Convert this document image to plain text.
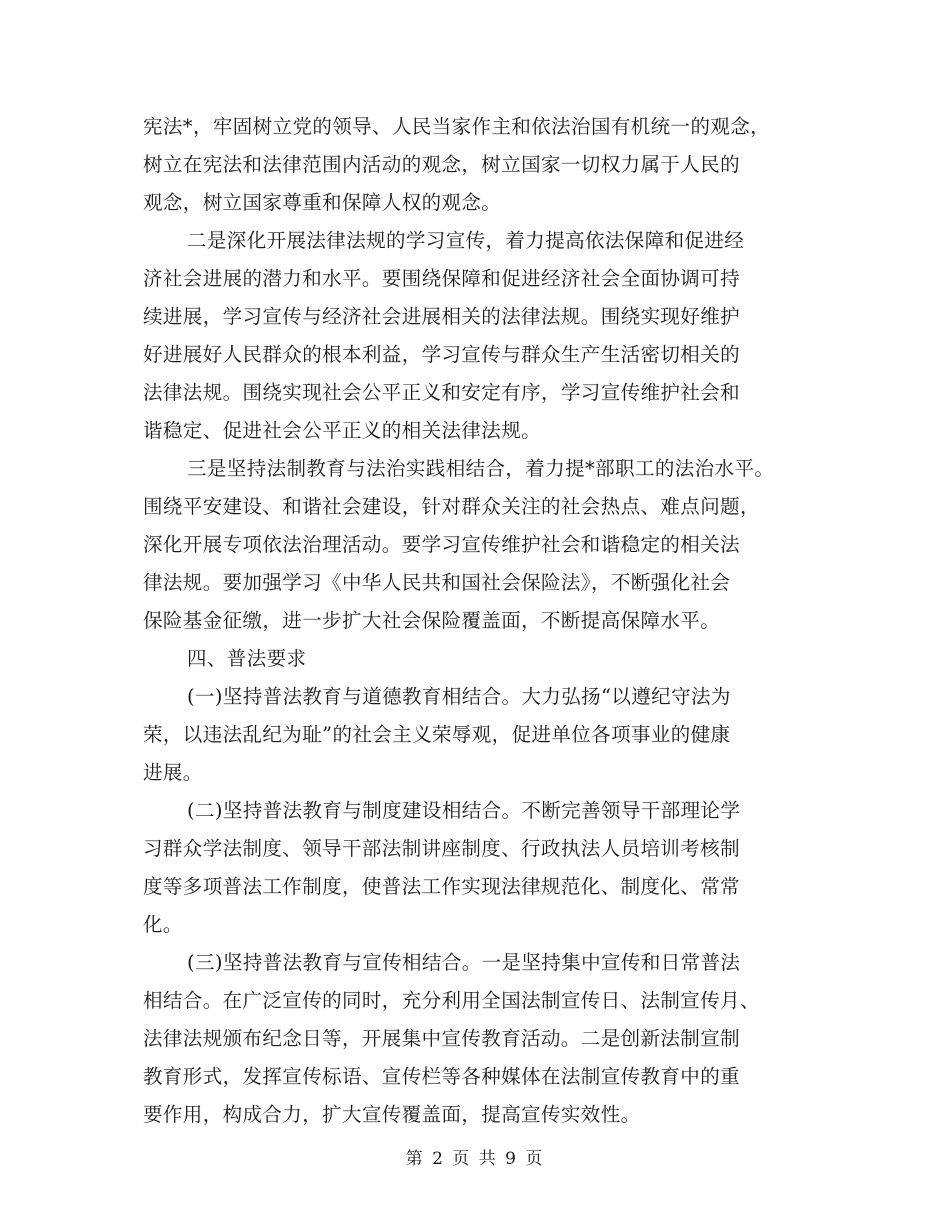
宪法*，牢固树立党的领导、人民当家作主和依法治国有机统一的观念，
树立在宪法和法律范围内活动的观念，树立国家一切权力属于人民的
观念，树立国家尊重和保障人权的观念。
二是深化开展法律法规的学习宣传，着力提高依法保障和促进经
济社会进展的潜力和水平。要围绕保障和促进经济社会全面协调可持
续进展，学习宣传与经济社会进展相关的法律法规。围绕实现好维护
好进展好人民群众的根本利益，学习宣传与群众生产生活密切相关的
法律法规。围绕实现社会公平正义和安定有序，学习宣传维护社会和
谐稳定、促进社会公平正义的相关法律法规。
三是坚持法制教育与法治实践相结合，着力提*部职工的法治水平。
围绕平安建设、和谐社会建设，针对群众关注的社会热点、难点问题，
深化开展专项依法治理活动。要学习宣传维护社会和谐稳定的相关法
律法规。要加强学习《中华人民共和国社会保险法》，不断强化社会
保险基金征缴，进一步扩大社会保险覆盖面，不断提高保障水平。
四、普法要求
(一)坚持普法教育与道德教育相结合。大力弘扬“以遵纪守法为
荣，以违法乱纪为耻”的社会主义荣辱观，促进单位各项事业的健康
进展。
(二)坚持普法教育与制度建设相结合。不断完善领导干部理论学
习群众学法制度、领导干部法制讲座制度、行政执法人员培训考核制
度等多项普法工作制度，使普法工作实现法律规范化、制度化、常常
化。
(三)坚持普法教育与宣传相结合。一是坚持集中宣传和日常普法
相结合。在广泛宣传的同时，充分利用全国法制宣传日、法制宣传月、
法律法规颁布纪念日等，开展集中宣传教育活动。二是创新法制宣制
教育形式，发挥宣传标语、宣传栏等各种媒体在法制宣传教育中的重
要作用，构成合力，扩大宣传覆盖面，提高宣传实效性。
第 2 页 共 9 页
